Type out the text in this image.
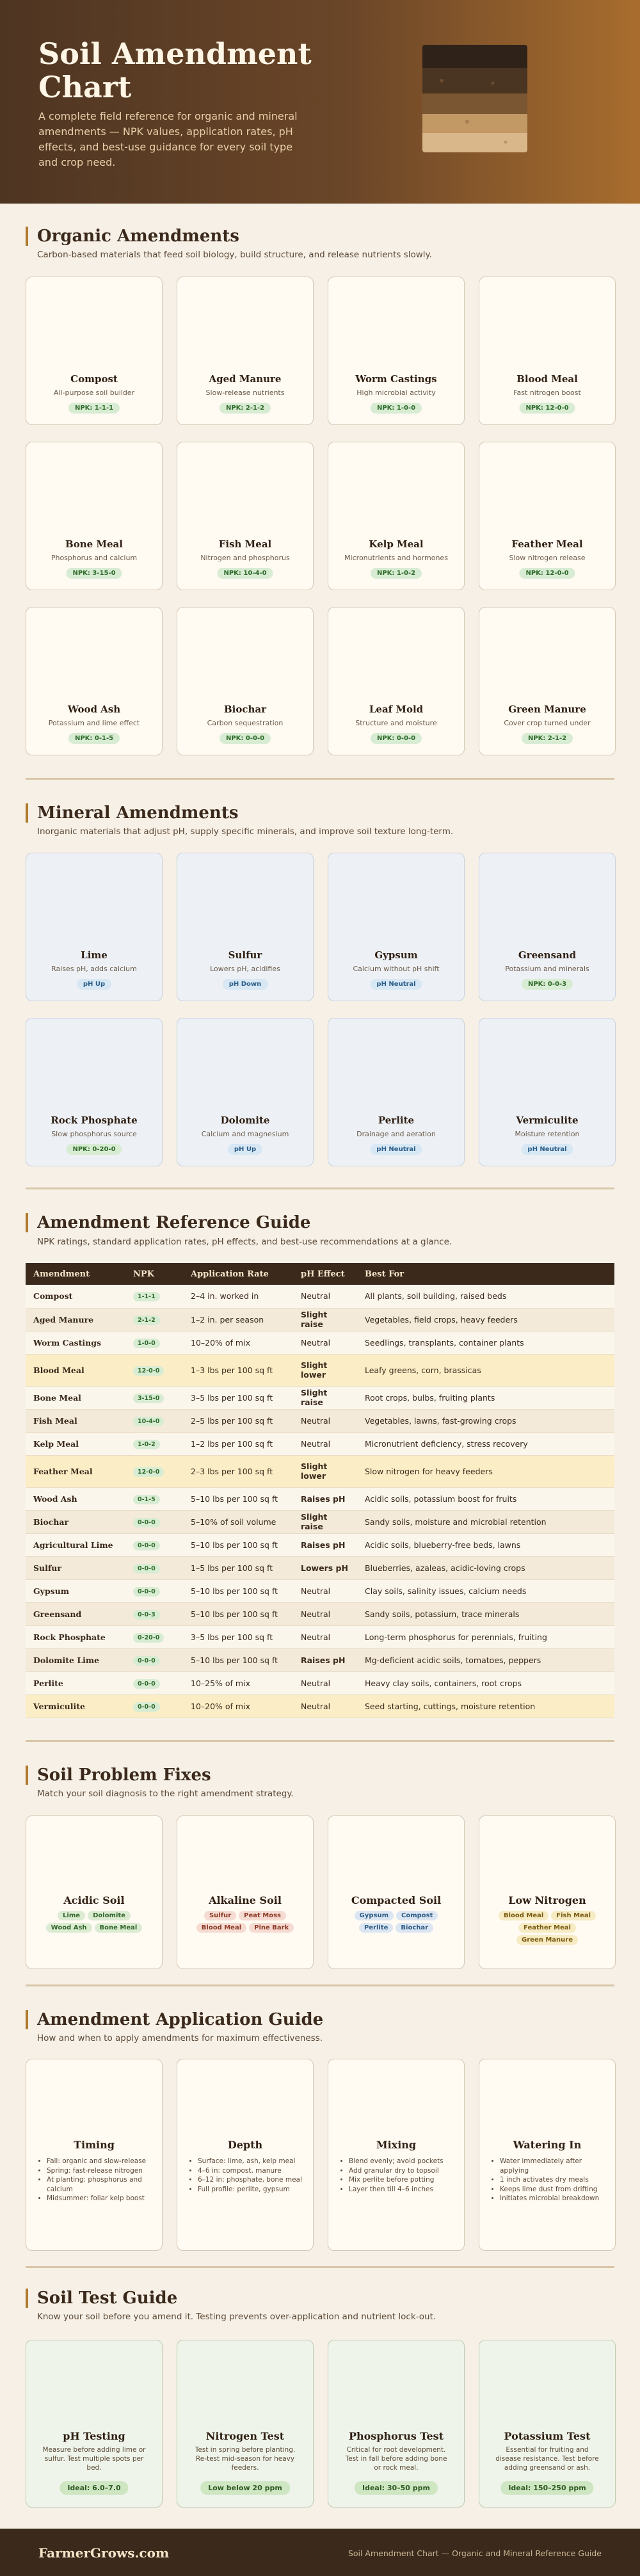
Soil Amendment Chart

A complete field reference for organic and mineral amendments — NPK values, application rates, pH effects, and best-use guidance for every soil type and crop need.

Organic Amendments
Carbon-based materials that feed soil biology, build structure, and release nutrients slowly.
Compost
All-purpose soil builder
NPK: 1-1-1
Aged Manure
Slow-release nutrients
NPK: 2-1-2
Worm Castings
High microbial activity
NPK: 1-0-0
Blood Meal
Fast nitrogen boost
NPK: 12-0-0
Bone Meal
Phosphorus and calcium
NPK: 3-15-0
Fish Meal
Nitrogen and phosphorus
NPK: 10-4-0
Kelp Meal
Micronutrients and hormones
NPK: 1-0-2
Feather Meal
Slow nitrogen release
NPK: 12-0-0
Wood Ash
Potassium and lime effect
NPK: 0-1-5
Biochar
Carbon sequestration
NPK: 0-0-0
Leaf Mold
Structure and moisture
NPK: 0-0-0
Green Manure
Cover crop turned under
NPK: 2-1-2
Mineral Amendments
Inorganic materials that adjust pH, supply specific minerals, and improve soil texture long-term.
Lime
Raises pH, adds calcium
pH Up
Sulfur
Lowers pH, acidifies
pH Down
Gypsum
Calcium without pH shift
pH Neutral
Greensand
Potassium and minerals
NPK: 0-0-3
Rock Phosphate
Slow phosphorus source
NPK: 0-20-0
Dolomite
Calcium and magnesium
pH Up
Perlite
Drainage and aeration
pH Neutral
Vermiculite
Moisture retention
pH Neutral
Amendment Reference Guide
NPK ratings, standard application rates, pH effects, and best-use recommendations at a glance.
Amendment	NPK	Application Rate	pH Effect	Best For
Compost	1-1-1	2–4 in. worked in	Neutral	All plants, soil building, raised beds
Aged Manure	2-1-2	1–2 in. per season	Slight raise	Vegetables, field crops, heavy feeders
Worm Castings	1-0-0	10–20% of mix	Neutral	Seedlings, transplants, container plants
Blood Meal	12-0-0	1–3 lbs per 100 sq ft	Slight lower	Leafy greens, corn, brassicas
Bone Meal	3-15-0	3–5 lbs per 100 sq ft	Slight raise	Root crops, bulbs, fruiting plants
Fish Meal	10-4-0	2–5 lbs per 100 sq ft	Neutral	Vegetables, lawns, fast-growing crops
Kelp Meal	1-0-2	1–2 lbs per 100 sq ft	Neutral	Micronutrient deficiency, stress recovery
Feather Meal	12-0-0	2–3 lbs per 100 sq ft	Slight lower	Slow nitrogen for heavy feeders
Wood Ash	0-1-5	5–10 lbs per 100 sq ft	Raises pH	Acidic soils, potassium boost for fruits
Biochar	0-0-0	5–10% of soil volume	Slight raise	Sandy soils, moisture and microbial retention
Agricultural Lime	0-0-0	5–10 lbs per 100 sq ft	Raises pH	Acidic soils, blueberry-free beds, lawns
Sulfur	0-0-0	1–5 lbs per 100 sq ft	Lowers pH	Blueberries, azaleas, acidic-loving crops
Gypsum	0-0-0	5–10 lbs per 100 sq ft	Neutral	Clay soils, salinity issues, calcium needs
Greensand	0-0-3	5–10 lbs per 100 sq ft	Neutral	Sandy soils, potassium, trace minerals
Rock Phosphate	0-20-0	3–5 lbs per 100 sq ft	Neutral	Long-term phosphorus for perennials, fruiting
Dolomite Lime	0-0-0	5–10 lbs per 100 sq ft	Raises pH	Mg-deficient acidic soils, tomatoes, peppers
Perlite	0-0-0	10–25% of mix	Neutral	Heavy clay soils, containers, root crops
Vermiculite	0-0-0	10–20% of mix	Neutral	Seed starting, cuttings, moisture retention
Soil Problem Fixes
Match your soil diagnosis to the right amendment strategy.
Acidic Soil
Lime	Dolomite
Wood Ash	Bone Meal
Alkaline Soil
Sulfur	Peat Moss
Blood Meal	Pine Bark
Compacted Soil
Gypsum	Compost
Perlite	Biochar
Low Nitrogen
Blood Meal	Fish Meal
Feather Meal
Green Manure
Amendment Application Guide
How and when to apply amendments for maximum effectiveness.
Timing
• Fall: organic and slow-release
• Spring: fast-release nitrogen
• At planting: phosphorus and calcium
• Midsummer: foliar kelp boost
Depth
• Surface: lime, ash, kelp meal
• 4–6 in: compost, manure
• 6–12 in: phosphate, bone meal
• Full profile: perlite, gypsum
Mixing
• Blend evenly; avoid pockets
• Add granular dry to topsoil
• Mix perlite before potting
• Layer then till 4–6 inches
Watering In
• Water immediately after applying
• 1 inch activates dry meals
• Keeps lime dust from drifting
• Initiates microbial breakdown
Soil Test Guide
Know your soil before you amend it. Testing prevents over-application and nutrient lock-out.
pH Testing
Measure before adding lime or sulfur. Test multiple spots per bed.
Ideal: 6.0–7.0
Nitrogen Test
Test in spring before planting. Re-test mid-season for heavy feeders.
Low below 20 ppm
Phosphorus Test
Critical for root development. Test in fall before adding bone or rock meal.
Ideal: 30–50 ppm
Potassium Test
Essential for fruiting and disease resistance. Test before adding greensand or ash.
Ideal: 150–250 ppm
FarmerGrows.com	Soil Amendment Chart — Organic and Mineral Reference Guide
